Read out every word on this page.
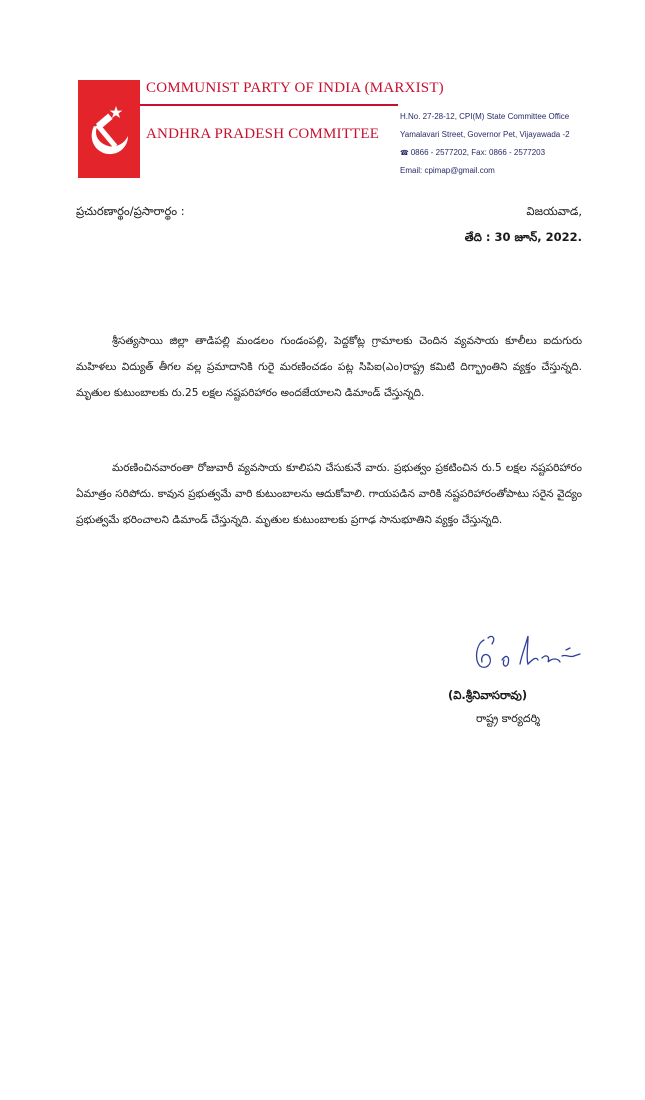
COMMUNIST PARTY OF INDIA (MARXIST)
ANDHRA PRADESH COMMITTEE
H.No. 27-28-12, CPI(M) State Committee Office
Yamalavari Street, Governor Pet, Vijayawada -2
☎ 0866 - 2577202, Fax: 0866 - 2577203
Email: cpimap@gmail.com
ప్రచురణార్థం/ప్రసారార్థం :	విజయవాడ,
తేది : 30 జూన్, 2022.
శ్రీసత్యసాయి జిల్లా తాడిపల్లి మండలం గుండంపల్లి, పెద్దకోట్ల గ్రామాలకు చెందిన వ్యవసాయ కూలీలు ఐదుగురు మహిళలు విద్యుత్ తీగల వల్ల ప్రమాదానికి గురై మరణించడం పట్ల సిపిఐ(ఎం)రాష్ట్ర కమిటి దిగ్భ్రాంతిని వ్యక్తం చేస్తున్నది. మృతుల కుటుంబాలకు రు.25 లక్షల నష్టపరిహారం అందజేయాలని డిమాండ్ చేస్తున్నది.
మరణించినవారంతా రోజువారీ వ్యవసాయ కూలిపని చేసుకునే వారు. ప్రభుత్వం ప్రకటించిన రు.5 లక్షల నష్టపరిహారం ఏమాత్రం సరిపోదు. కావున ప్రభుత్వమే వారి కుటుంబాలను ఆదుకోవాలి. గాయపడిన వారికి నష్టపరిహారంతోపాటు సరైన వైద్యం ప్రభుత్వమే భరించాలని డిమాండ్ చేస్తున్నది. మృతుల కుటుంబాలకు ప్రగాఢ సానుభూతిని వ్యక్తం చేస్తున్నది.
(వి.శ్రీనివాసరావు)
రాష్ట్ర కార్యదర్శి
